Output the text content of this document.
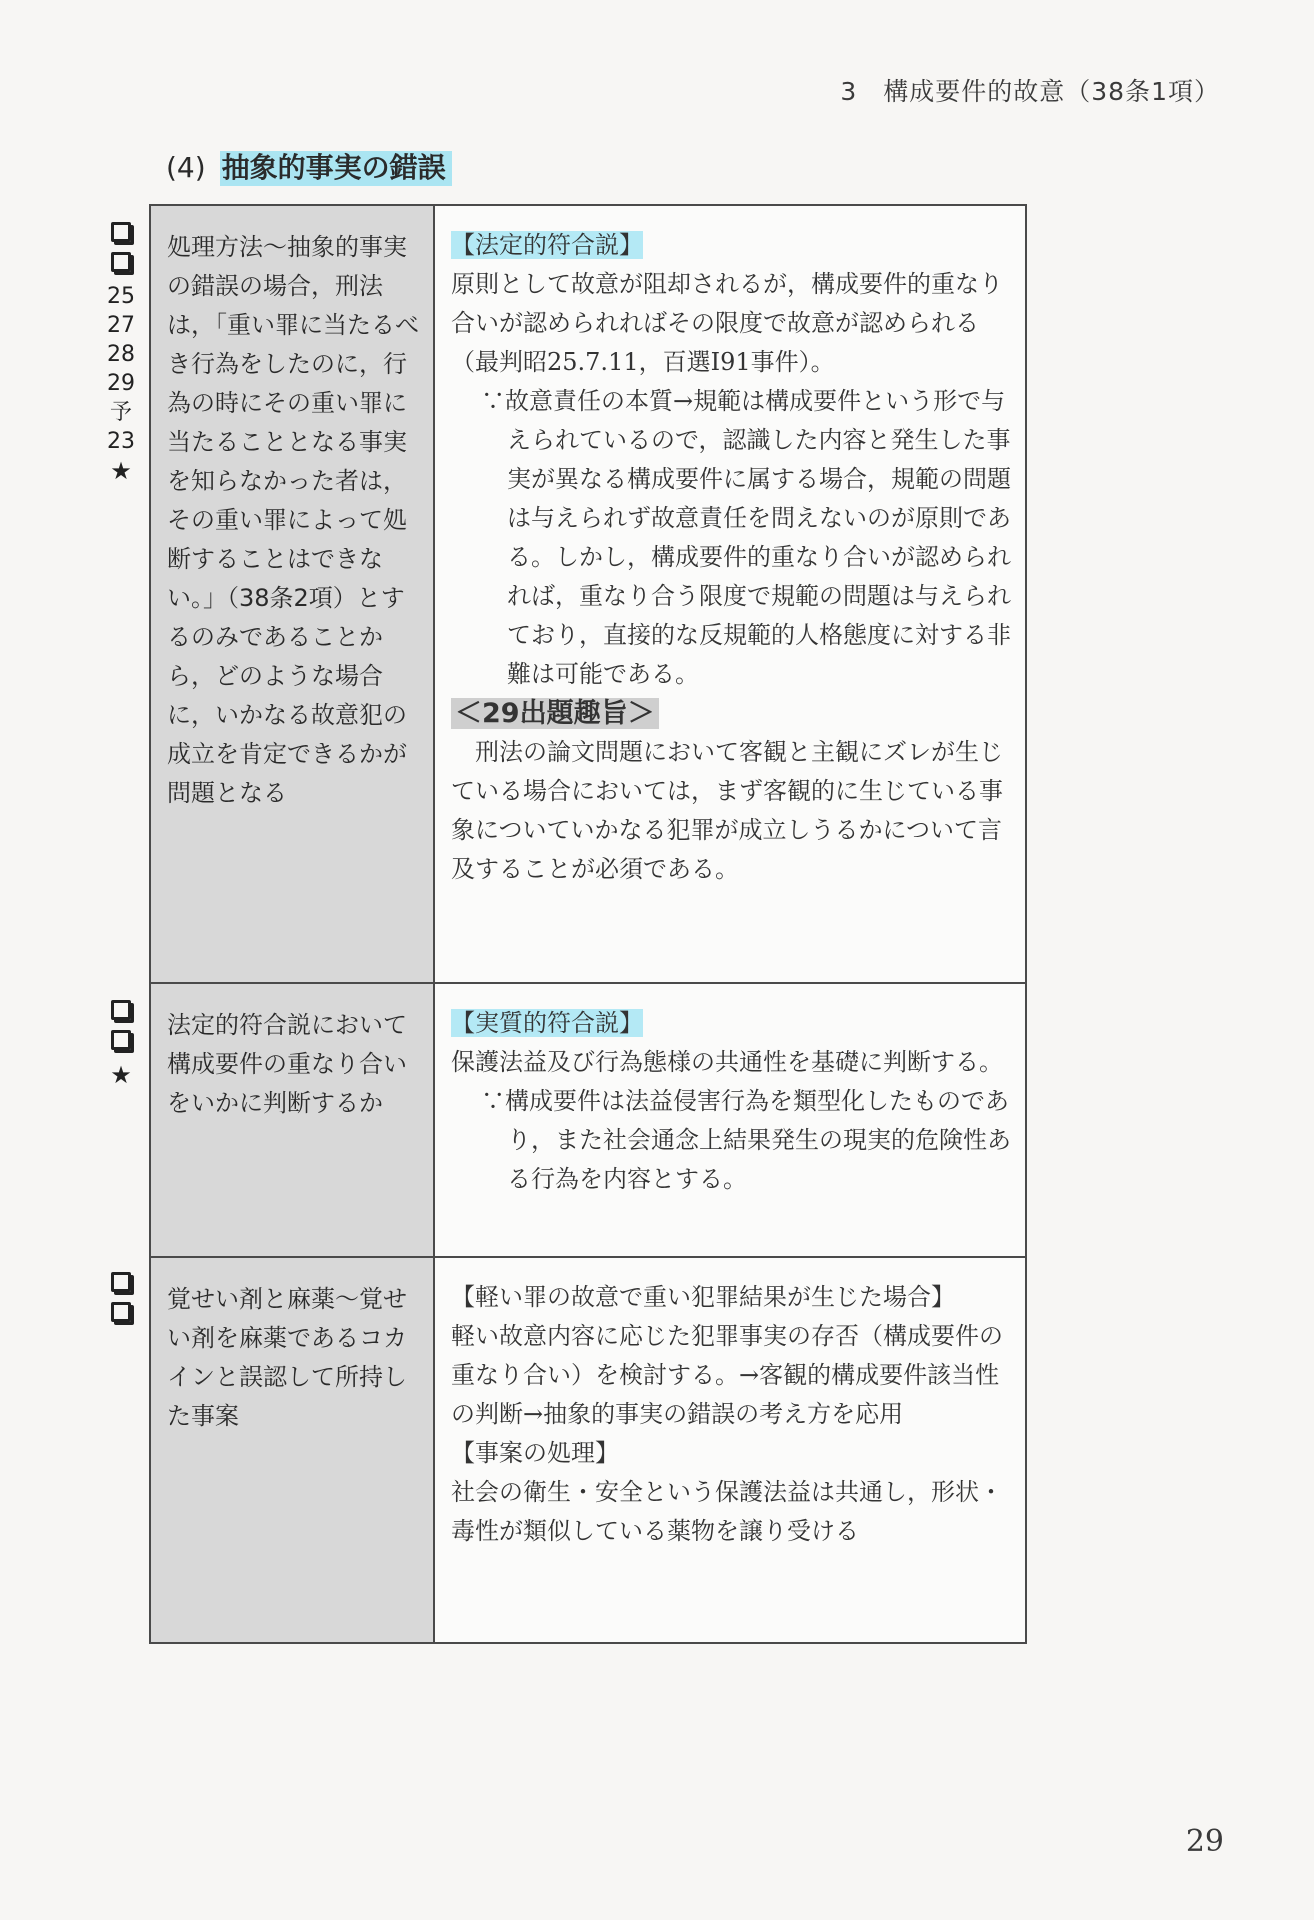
3　構成要件的故意（38条1項）
(4) 抽象的事実の錯誤
25
27
28
29
予
23
★
★
処理方法～抽象的事実の錯誤の場合，刑法は，「重い罪に当たるべき行為をしたのに，行為の時にその重い罪に当たることとなる事実を知らなかった者は，その重い罪によって処断することはできない。」（38条2項）とするのみであることから，どのような場合に，いかなる故意犯の成立を肯定できるかが問題となる

【法定的符合説】

原則として故意が阻却されるが，構成要件的重なり合いが認められればその限度で故意が認められる（最判昭25.7.11，百選Ⅰ91事件）。

∵故意責任の本質→規範は構成要件という形で与えられているので，認識した内容と発生した事実が異なる構成要件に属する場合，規範の問題は与えられず故意責任を問えないのが原則である。しかし，構成要件的重なり合いが認められれば，重なり合う限度で規範の問題は与えられており，直接的な反規範的人格態度に対する非難は可能である。

＜29出題趣旨＞

刑法の論文問題において客観と主観にズレが生じている場合においては，まず客観的に生じている事象についていかなる犯罪が成立しうるかについて言及することが必須である。

法定的符合説において構成要件の重なり合いをいかに判断するか

【実質的符合説】

保護法益及び行為態様の共通性を基礎に判断する。

∵構成要件は法益侵害行為を類型化したものであり，また社会通念上結果発生の現実的危険性ある行為を内容とする。

覚せい剤と麻薬～覚せい剤を麻薬であるコカインと誤認して所持した事案

【軽い罪の故意で重い犯罪結果が生じた場合】

軽い故意内容に応じた犯罪事実の存否（構成要件の重なり合い）を検討する。→客観的構成要件該当性の判断→抽象的事実の錯誤の考え方を応用

【事案の処理】

社会の衛生・安全という保護法益は共通し，形状・毒性が類似している薬物を譲り受ける

29
